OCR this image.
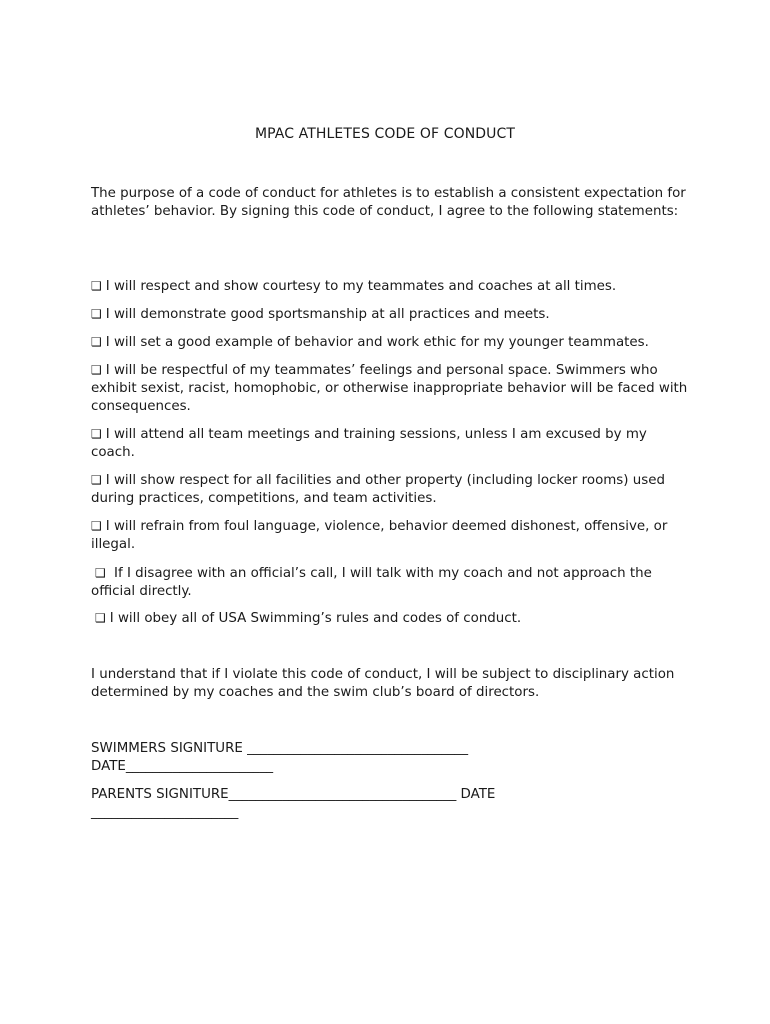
MPAC ATHLETES CODE OF CONDUCT

The purpose of a code of conduct for athletes is to establish a consistent expectation for athletes’ behavior. By signing this code of conduct, I agree to the following statements:

❑ I will respect and show courtesy to my teammates and coaches at all times.

❑ I will demonstrate good sportsmanship at all practices and meets.

❑ I will set a good example of behavior and work ethic for my younger teammates.

❑ I will be respectful of my teammates’ feelings and personal space. Swimmers who exhibit sexist, racist, homophobic, or otherwise inappropriate behavior will be faced with consequences.

❑ I will attend all team meetings and training sessions, unless I am excused by my coach.

❑ I will show respect for all facilities and other property (including locker rooms) used during practices, competitions, and team activities.

❑ I will refrain from foul language, violence, behavior deemed dishonest, offensive, or illegal.

❑ If I disagree with an official’s call, I will talk with my coach and not approach the official directly.

❑ I will obey all of USA Swimming’s rules and codes of conduct.

I understand that if I violate this code of conduct, I will be subject to disciplinary action determined by my coaches and the swim club’s board of directors.

SWIMMERS SIGNITURE _________________________________ DATE______________________

PARENTS SIGNITURE__________________________________ DATE ______________________
